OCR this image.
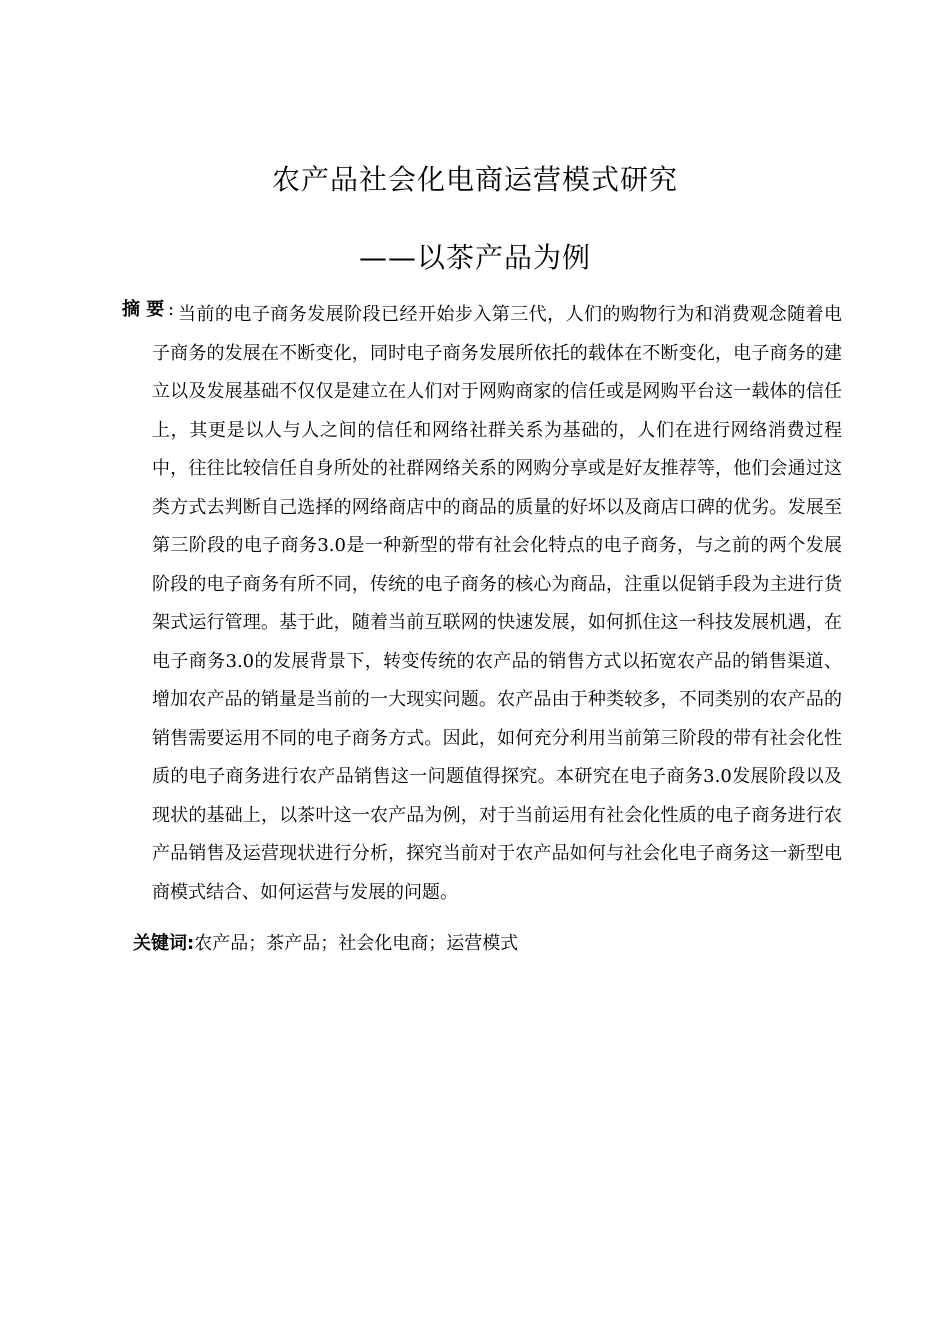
农产品社会化电商运营模式研究
——以茶产品为例
摘 要 : 当前的电子商务发展阶段已经开始步入第三代，人们的购物行为和消费观念随着电子商务的发展在不断变化，同时电子商务发展所依托的载体在不断变化，电子商务的建立以及发展基础不仅仅是建立在人们对于网购商家的信任或是网购平台这一载体的信任上，其更是以人与人之间的信任和网络社群关系为基础的，人们在进行网络消费过程中，往往比较信任自身所处的社群网络关系的网购分享或是好友推荐等，他们会通过这类方式去判断自己选择的网络商店中的商品的质量的好坏以及商店口碑的优劣。发展至第三阶段的电子商务3.0是一种新型的带有社会化特点的电子商务，与之前的两个发展阶段的电子商务有所不同，传统的电子商务的核心为商品，注重以促销手段为主进行货架式运行管理。基于此，随着当前互联网的快速发展，如何抓住这一科技发展机遇，在电子商务3.0的发展背景下，转变传统的农产品的销售方式以拓宽农产品的销售渠道、增加农产品的销量是当前的一大现实问题。农产品由于种类较多，不同类别的农产品的销售需要运用不同的电子商务方式。因此，如何充分利用当前第三阶段的带有社会化性质的电子商务进行农产品销售这一问题值得探究。本研究在电子商务3.0发展阶段以及现状的基础上，以茶叶这一农产品为例，对于当前运用有社会化性质的电子商务进行农产品销售及运营现状进行分析，探究当前对于农产品如何与社会化电子商务这一新型电商模式结合、如何运营与发展的问题。

关键词:农产品；茶产品；社会化电商；运营模式
